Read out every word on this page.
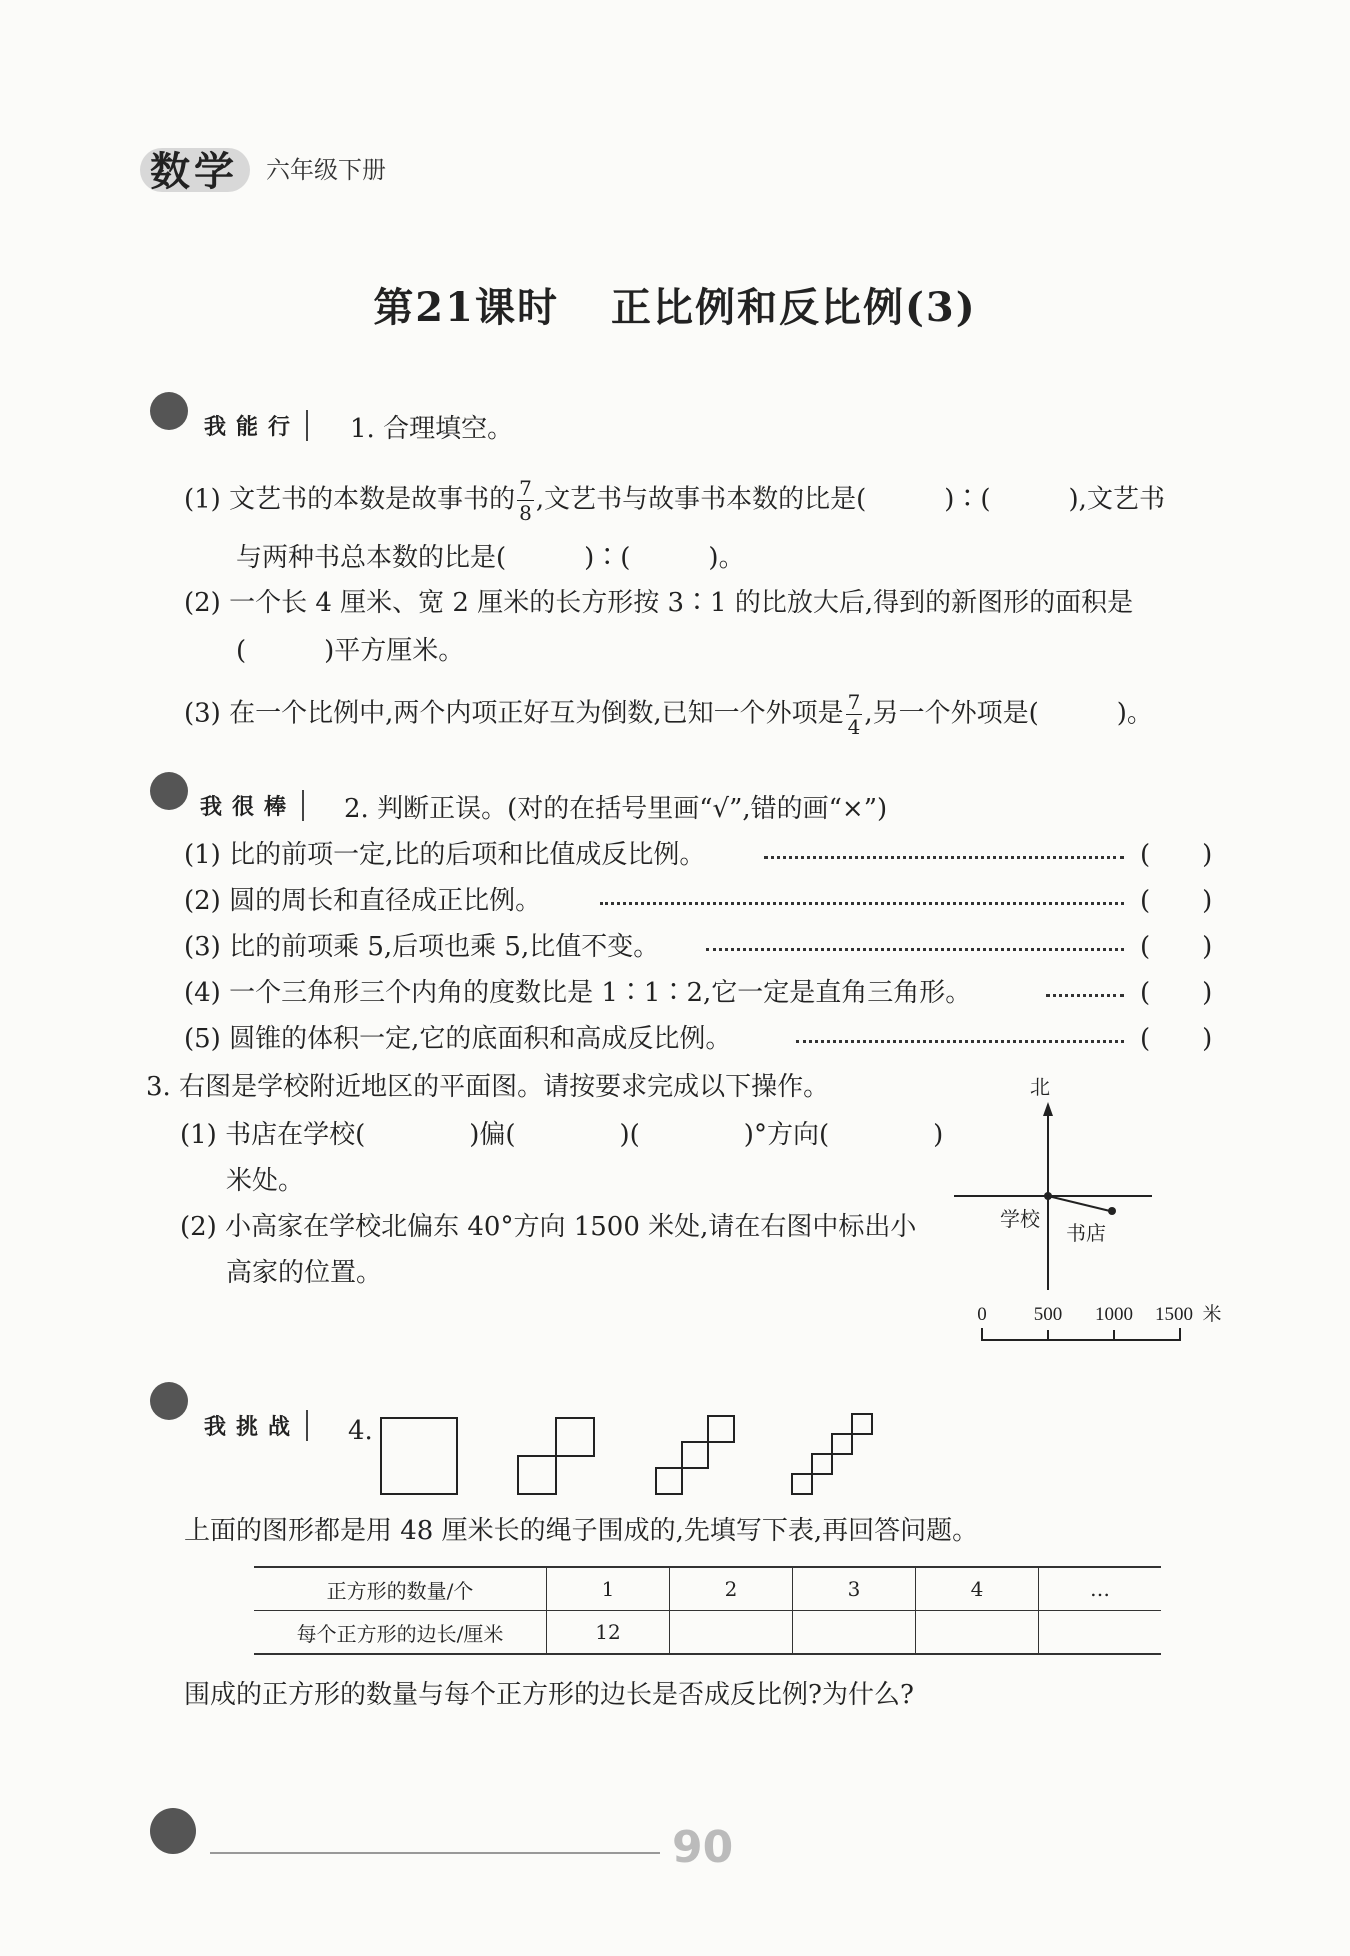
数学 六年级下册
第21课时 正比例和反比例(3)
我能行	1. 合理填空。
(1) 文艺书的本数是故事书的 $\frac{7}{8}$ ,文艺书与故事书本数的比是(　　　)∶(　　　),文艺书
与两种书总本数的比是(　　　)∶(　　　)。
(2) 一个长 4 厘米、宽 2 厘米的长方形按 3∶1 的比放大后,得到的新图形的面积是
(　　　)平方厘米。
(3) 在一个比例中,两个内项正好互为倒数,已知一个外项是 $\frac{7}{4}$ ,另一个外项是(　　　)。
我很棒	2. 判断正误。(对的在括号里画“√”,错的画“×”)
(1) 比的前项一定,比的后项和比值成反比例。	(　　)
(2) 圆的周长和直径成正比例。	(　　)
(3) 比的前项乘 5,后项也乘 5,比值不变。	(　　)
(4) 一个三角形三个内角的度数比是 1∶1∶2,它一定是直角三角形。	(　　)
(5) 圆锥的体积一定,它的底面积和高成反比例。	(　　)
3. 右图是学校附近地区的平面图。请按要求完成以下操作。
(1) 书店在学校(　　　　)偏(　　　　)(　　　　)°方向(　　　　)
米处。
(2) 小高家在学校北偏东 40°方向 1500 米处,请在右图中标出小
高家的位置。
北
学校
书店
0 500 1000 1500 米
我挑战	4.
上面的图形都是用 48 厘米长的绳子围成的,先填写下表,再回答问题。
正方形的数量/个	1	2	3	4	…
每个正方形的边长/厘米	12				
围成的正方形的数量与每个正方形的边长是否成反比例?为什么?
90
